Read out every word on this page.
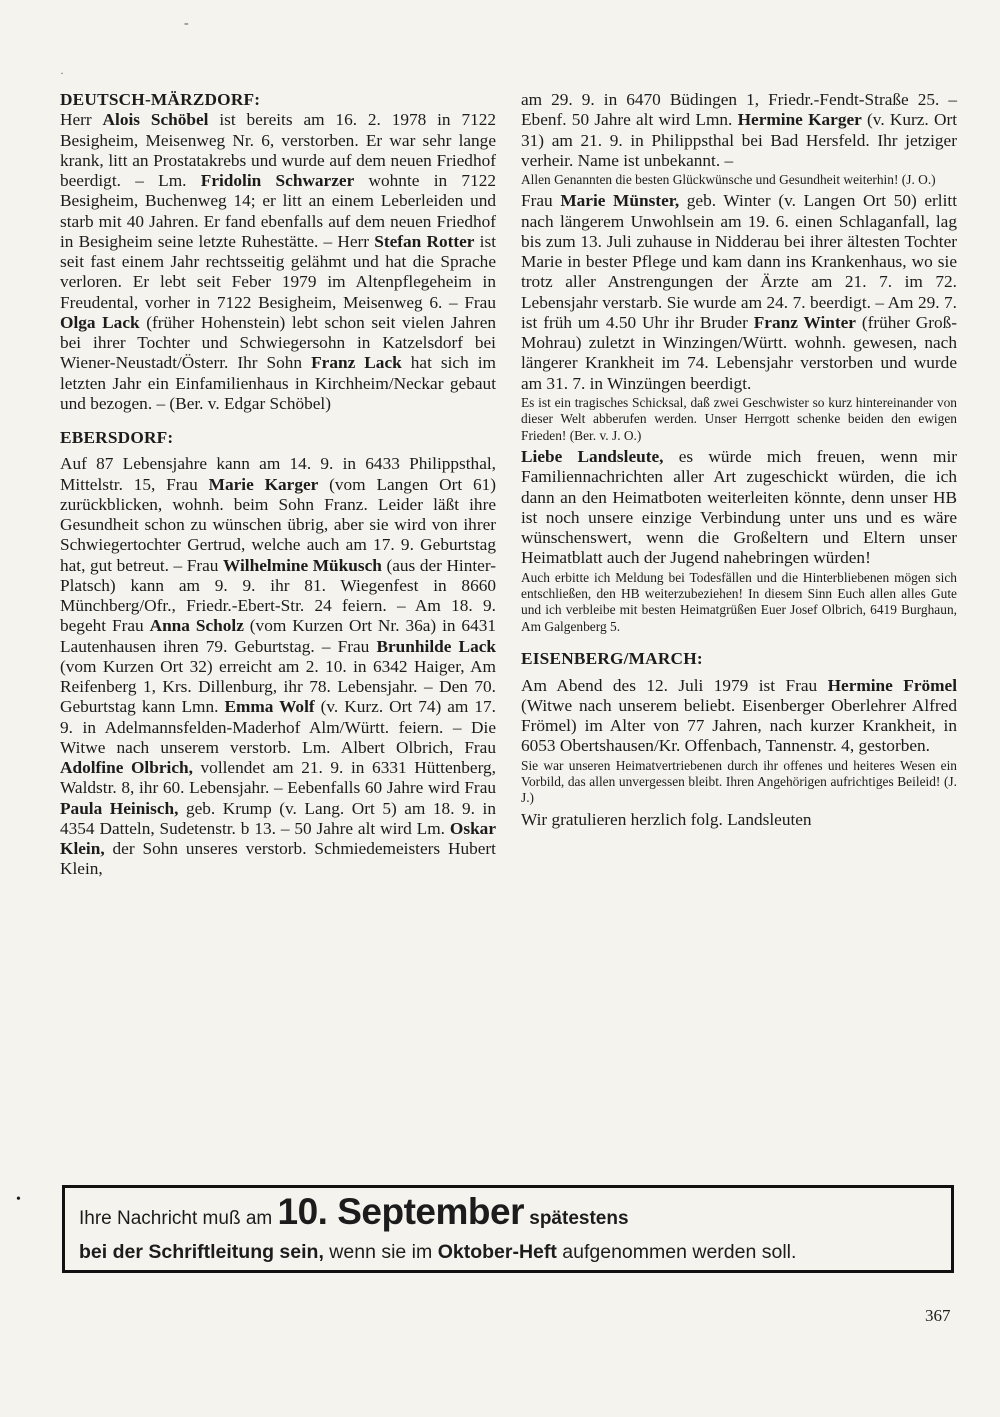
-
·

DEUTSCH-MÄRZDORF:

Herr Alois Schöbel ist bereits am 16. 2. 1978 in 7122 Besigheim, Meisenweg Nr. 6, verstorben. Er war sehr lange krank, litt an Prostatakrebs und wurde auf dem neuen Friedhof beerdigt. – Lm. Fridolin Schwarzer wohnte in 7122 Besigheim, Buchenweg 14; er litt an einem Leberleiden und starb mit 40 Jahren. Er fand ebenfalls auf dem neuen Friedhof in Besigheim seine letzte Ruhestätte. – Herr Stefan Rotter ist seit fast einem Jahr rechtsseitig gelähmt und hat die Sprache verloren. Er lebt seit Feber 1979 im Altenpflegeheim in Freudental, vorher in 7122 Besigheim, Meisenweg 6. – Frau Olga Lack (früher Hohenstein) lebt schon seit vielen Jahren bei ihrer Tochter und Schwiegersohn in Katzelsdorf bei Wiener-Neustadt/Österr. Ihr Sohn Franz Lack hat sich im letzten Jahr ein Einfamilienhaus in Kirchheim/Neckar gebaut und bezogen. – (Ber. v. Edgar Schöbel)

EBERSDORF:

Auf 87 Lebensjahre kann am 14. 9. in 6433 Philippsthal, Mittelstr. 15, Frau Marie Karger (vom Langen Ort 61) zurückblicken, wohnh. beim Sohn Franz. Leider läßt ihre Gesundheit schon zu wünschen übrig, aber sie wird von ihrer Schwiegertochter Gertrud, welche auch am 17. 9. Geburtstag hat, gut betreut. – Frau Wilhelmine Mükusch (aus der Hinter-Platsch) kann am 9. 9. ihr 81. Wiegenfest in 8660 Münchberg/Ofr., Friedr.-Ebert-Str. 24 feiern. – Am 18. 9. begeht Frau Anna Scholz (vom Kurzen Ort Nr. 36a) in 6431 Lautenhausen ihren 79. Geburtstag. – Frau Brunhilde Lack (vom Kurzen Ort 32) erreicht am 2. 10. in 6342 Haiger, Am Reifenberg 1, Krs. Dillenburg, ihr 78. Lebensjahr. – Den 70. Geburtstag kann Lmn. Emma Wolf (v. Kurz. Ort 74) am 17. 9. in Adelmannsfelden-Maderhof Alm/Württ. feiern. – Die Witwe nach unserem verstorb. Lm. Albert Olbrich, Frau Adolfine Olbrich, vollendet am 21. 9. in 6331 Hüttenberg, Waldstr. 8, ihr 60. Lebensjahr. – Eebenfalls 60 Jahre wird Frau Paula Heinisch, geb. Krump (v. Lang. Ort 5) am 18. 9. in 4354 Datteln, Sudetenstr. b 13. – 50 Jahre alt wird Lm. Oskar Klein, der Sohn unseres verstorb. Schmiedemeisters Hubert Klein,

am 29. 9. in 6470 Büdingen 1, Friedr.-Fendt-Straße 25. – Ebenf. 50 Jahre alt wird Lmn. Hermine Karger (v. Kurz. Ort 31) am 21. 9. in Philippsthal bei Bad Hersfeld. Ihr jetziger verheir. Name ist unbekannt. –

Allen Genannten die besten Glückwünsche und Gesundheit weiterhin! (J. O.)

Frau Marie Münster, geb. Winter (v. Langen Ort 50) erlitt nach längerem Unwohlsein am 19. 6. einen Schlaganfall, lag bis zum 13. Juli zuhause in Nidderau bei ihrer ältesten Tochter Marie in bester Pflege und kam dann ins Krankenhaus, wo sie trotz aller Anstrengungen der Ärzte am 21. 7. im 72. Lebensjahr verstarb. Sie wurde am 24. 7. beerdigt. – Am 29. 7. ist früh um 4.50 Uhr ihr Bruder Franz Winter (früher Groß-Mohrau) zuletzt in Winzingen/Württ. wohnh. gewesen, nach längerer Krankheit im 74. Lebensjahr verstorben und wurde am 31. 7. in Winzüngen beerdigt.

Es ist ein tragisches Schicksal, daß zwei Geschwister so kurz hintereinander von dieser Welt abberufen werden. Unser Herrgott schenke beiden den ewigen Frieden! (Ber. v. J. O.)

Liebe Landsleute, es würde mich freuen, wenn mir Familiennachrichten aller Art zugeschickt würden, die ich dann an den Heimatboten weiterleiten könnte, denn unser HB ist noch unsere einzige Verbindung unter uns und es wäre wünschenswert, wenn die Großeltern und Eltern unser Heimatblatt auch der Jugend nahebringen würden!

Auch erbitte ich Meldung bei Todesfällen und die Hinterbliebenen mögen sich entschließen, den HB weiterzubeziehen! In diesem Sinn Euch allen alles Gute und ich verbleibe mit besten Heimatgrüßen Euer Josef Olbrich, 6419 Burghaun, Am Galgenberg 5.

EISENBERG/MARCH:

Am Abend des 12. Juli 1979 ist Frau Hermine Frömel (Witwe nach unserem beliebt. Eisenberger Oberlehrer Alfred Frömel) im Alter von 77 Jahren, nach kurzer Krankheit, in 6053 Obertshausen/Kr. Offenbach, Tannenstr. 4, gestorben.

Sie war unseren Heimatvertriebenen durch ihr offenes und heiteres Wesen ein Vorbild, das allen unvergessen bleibt. Ihren Angehörigen aufrichtiges Beileid! (J. J.)

Wir gratulieren herzlich folg. Landsleuten

•
Ihre Nachricht muß am 10. September spätestens
bei der Schriftleitung sein, wenn sie im Oktober-Heft aufgenommen werden soll.
367
